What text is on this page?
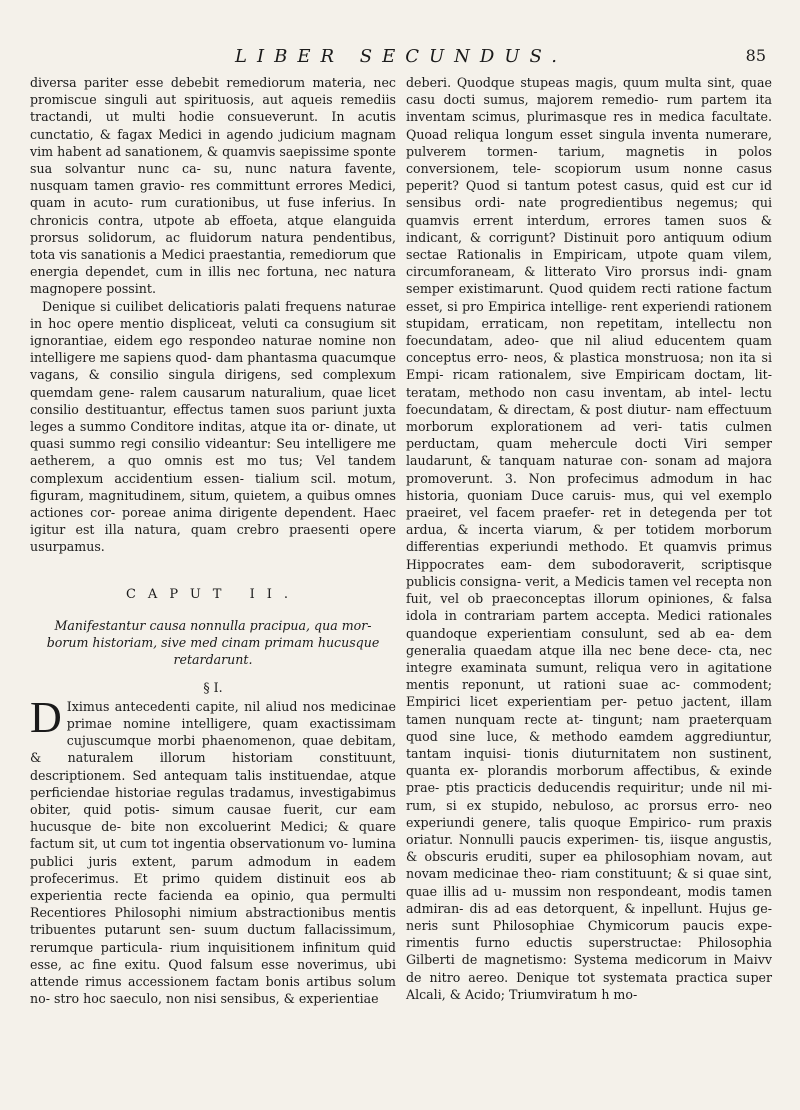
LIBER SECUNDUS.	85

diversa pariter esse debebit remediorum materia, nec promiscue singuli aut spirituosis, aut aqueis remediis tractandi, ut multi hodie consueverunt. In acutis cunctatio, & fagax Medici in agendo judicium magnam vim habent ad sanationem, & quamvis saepissime sponte sua solvantur nunc ca- su, nunc natura favente, nusquam tamen gravio- res committunt errores Medici, quam in acuto- rum curationibus, ut fuse inferius. In chronicis contra, utpote ab effoeta, atque elanguida prorsus solidorum, ac fluidorum natura pendentibus, tota vis sanationis a Medici praestantia, remediorum que energia dependet, cum in illis nec fortuna, nec natura magnopere possint.

Denique si cuilibet delicatioris palati frequens naturae in hoc opere mentio displiceat, veluti ca consugium sit ignorantiae, eidem ego respondeo naturae nomine non intelligere me sapiens quod- dam phantasma quacumque vagans, & consilio singula dirigens, sed complexum quemdam gene- ralem causarum naturalium, quae licet consilio destituantur, effectus tamen suos pariunt juxta leges a summo Conditore inditas, atque ita or- dinate, ut quasi summo regi consilio videantur: Seu intelligere me aetherem, a quo omnis est mo tus; Vel tandem complexum accidentium essen- tialium scil. motum, figuram, magnitudinem, situm, quietem, a quibus omnes actiones cor- poreae anima dirigente dependent. Haec igitur est illa natura, quam crebro praesenti opere usurpamus.

CAPUT II.
Manifestantur causa nonnulla pracipua, qua mor- borum historiam, sive med cinam primam hucusque retardarunt.
§ I.

D Iximus antecedenti capite, nil aliud nos medicinae primae nomine intelligere, quam exactissimam cujuscumque morbi phaenomenon, quae debitam, & naturalem illorum historiam constituunt, descriptionem. Sed antequam talis instituendae, atque perficiendae historiae regulas tradamus, investigabimus obiter, quid potis- simum causae fuerit, cur eam hucusque de- bite non excoluerint Medici; & quare factum sit, ut cum tot ingentia observationum vo- lumina publici juris extent, parum admodum in eadem profecerimus. Et primo quidem distinuit eos ab experientia recte facienda ea opinio, qua permulti Recentiores Philosophi nimium abstractionibus mentis tribuentes putarunt sen- suum ductum fallacissimum, rerumque particula- rium inquisitionem infinitum quid esse, ac fine exitu. Quod falsum esse noverimus, ubi attende rimus accessionem factam bonis artibus solum no- stro hoc saeculo, non nisi sensibus, & experientiae

deberi. Quodque stupeas magis, quum multa sint, quae casu docti sumus, majorem remedio- rum partem ita inventam scimus, plurimasque res in medica facultate. Quoad reliqua longum esset singula inventa numerare, pulverem tormen- tarium, magnetis in polos conversionem, tele- scopiorum usum nonne casus peperit? Quod si tantum potest casus, quid est cur id sensibus ordi- nate progredientibus negemus; qui quamvis errent interdum, errores tamen suos & indicant, & corrigunt? Distinuit poro antiquum odium sectae Rationalis in Empiricam, utpote quam vilem, circumforaneam, & litterato Viro prorsus indi- gnam semper existimarunt. Quod quidem recti ratione factum esset, si pro Empirica intellige- rent experiendi rationem stupidam, erraticam, non repetitam, intellectu non foecundatam, adeo- que nil aliud educentem quam conceptus erro- neos, & plastica monstruosa; non ita si Empi- ricam rationalem, sive Empiricam doctam, lit- teratam, methodo non casu inventam, ab intel- lectu foecundatam, & directam, & post diutur- nam effectuum morborum explorationem ad veri- tatis culmen perductam, quam mehercule docti Viri semper laudarunt, & tanquam naturae con- sonam ad majora promoverunt. 3. Non profecimus admodum in hac historia, quoniam Duce caruis- mus, qui vel exemplo praeiret, vel facem praefer- ret in detegenda per tot ardua, & incerta viarum, & per totidem morborum differentias experiundi methodo. Et quamvis primus Hippocrates eam- dem subodoraverit, scriptisque publicis consigna- verit, a Medicis tamen vel recepta non fuit, vel ob praeconceptas illorum opiniones, & falsa idola in contrariam partem accepta. Medici rationales quandoque experientiam consulunt, sed ab ea- dem generalia quaedam atque illa nec bene dece- cta, nec integre examinata sumunt, reliqua vero in agitatione mentis reponunt, ut rationi suae ac- commodent; Empirici licet experientiam per- petuo jactent, illam tamen nunquam recte at- tingunt; nam praeterquam quod sine luce, & methodo eamdem aggrediuntur, tantam inquisi- tionis diuturnitatem non sustinent, quanta ex- plorandis morborum affectibus, & exinde prae- ptis practicis deducendis requiritur; unde nil mi- rum, si ex stupido, nebuloso, ac prorsus erro- neo experiundi genere, talis quoque Empirico- rum praxis oriatur. Nonnulli paucis experimen- tis, iisque angustis, & obscuris eruditi, super ea philosophiam novam, aut novam medicinae theo- riam constituunt; & si quae sint, quae illis ad u- mussim non respondeant, modis tamen admiran- dis ad eas detorquent, & inpellunt. Hujus ge- neris sunt Philosophiae Chymicorum paucis expe- rimentis furno eductis superstructae: Philosophia Gilberti de magnetismo: Systema medicorum in Maivv de nitro aereo. Denique tot systemata practica super Alcali, & Acido; Triumviratum h mo-
